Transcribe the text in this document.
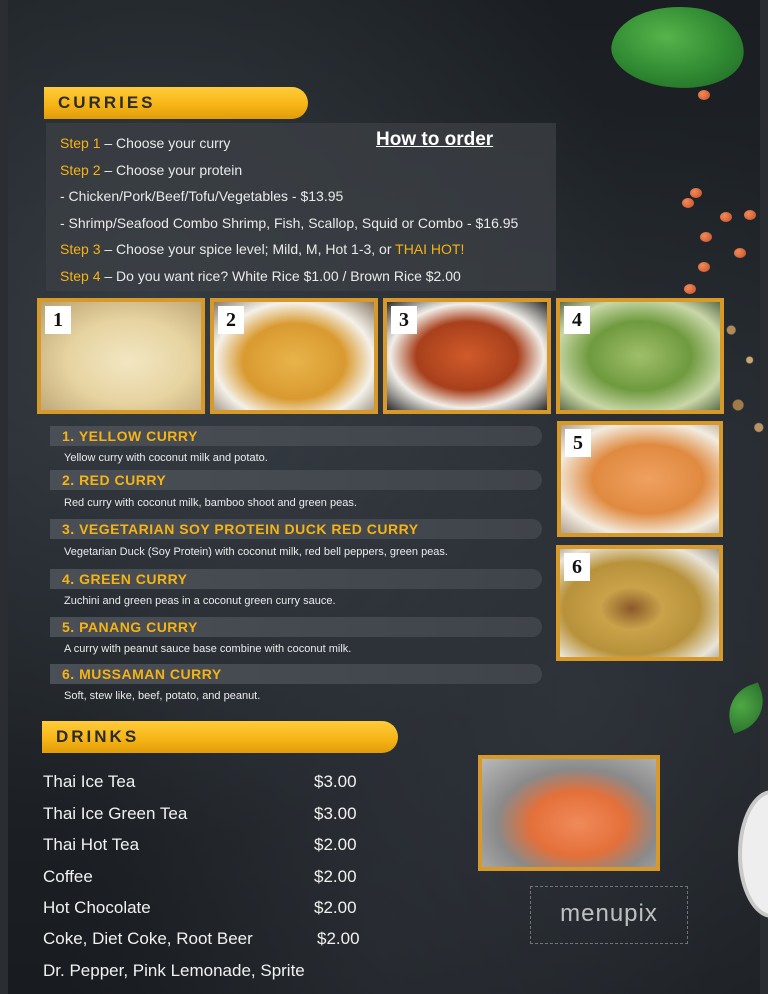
CURRIES
How to order
Step 1 – Choose your curry
Step 2 – Choose your protein
- Chicken/Pork/Beef/Tofu/Vegetables - $13.95
- Shrimp/Seafood Combo Shrimp, Fish, Scallop, Squid or Combo - $16.95
Step 3 – Choose your spice level; Mild, M, Hot 1-3, or THAI HOT!
Step 4 – Do you want rice? White Rice $1.00 / Brown Rice $2.00
1	2	3	4
5
6
1. YELLOW CURRY
Yellow curry with coconut milk and potato.
2. RED CURRY
Red curry with coconut milk, bamboo shoot and green peas.
3. VEGETARIAN SOY PROTEIN DUCK RED CURRY
Vegetarian Duck (Soy Protein) with coconut milk, red bell peppers, green peas.
4. GREEN CURRY
Zuchini and green peas in a coconut green curry sauce.
5. PANANG CURRY
A curry with peanut sauce base combine with coconut milk.
6. MUSSAMAN CURRY
Soft, stew like, beef, potato, and peanut.
DRINKS
Thai Ice Tea	$3.00
Thai Ice Green Tea	$3.00
Thai Hot Tea	$2.00
Coffee	$2.00
Hot Chocolate	$2.00
Coke, Diet Coke, Root Beer	$2.00
Dr. Pepper, Pink Lemonade, Sprite
menupix
